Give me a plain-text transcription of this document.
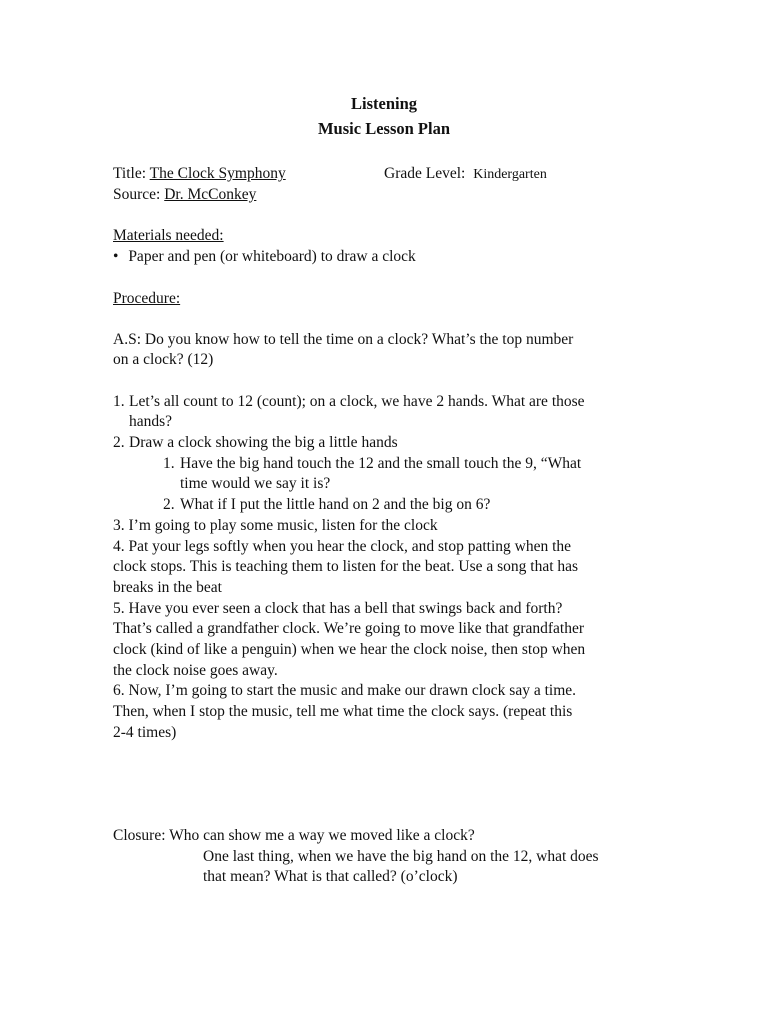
Listening
Music Lesson Plan
Title: The Clock Symphony	Grade Level: Kindergarten
Source: Dr. McConkey
Materials needed:
• Paper and pen (or whiteboard) to draw a clock
Procedure:
A.S: Do you know how to tell the time on a clock? What’s the top number
on a clock? (12)
1. Let’s all count to 12 (count); on a clock, we have 2 hands. What are those
hands?
2. Draw a clock showing the big a little hands
1. Have the big hand touch the 12 and the small touch the 9, “What
time would we say it is?
2. What if I put the little hand on 2 and the big on 6?
3. I’m going to play some music, listen for the clock
4. Pat your legs softly when you hear the clock, and stop patting when the
clock stops. This is teaching them to listen for the beat. Use a song that has
breaks in the beat
5. Have you ever seen a clock that has a bell that swings back and forth?
That’s called a grandfather clock. We’re going to move like that grandfather
clock (kind of like a penguin) when we hear the clock noise, then stop when
the clock noise goes away.
6. Now, I’m going to start the music and make our drawn clock say a time.
Then, when I stop the music, tell me what time the clock says. (repeat this
2-4 times)
Closure: Who can show me a way we moved like a clock?
One last thing, when we have the big hand on the 12, what does
that mean? What is that called? (o’clock)
